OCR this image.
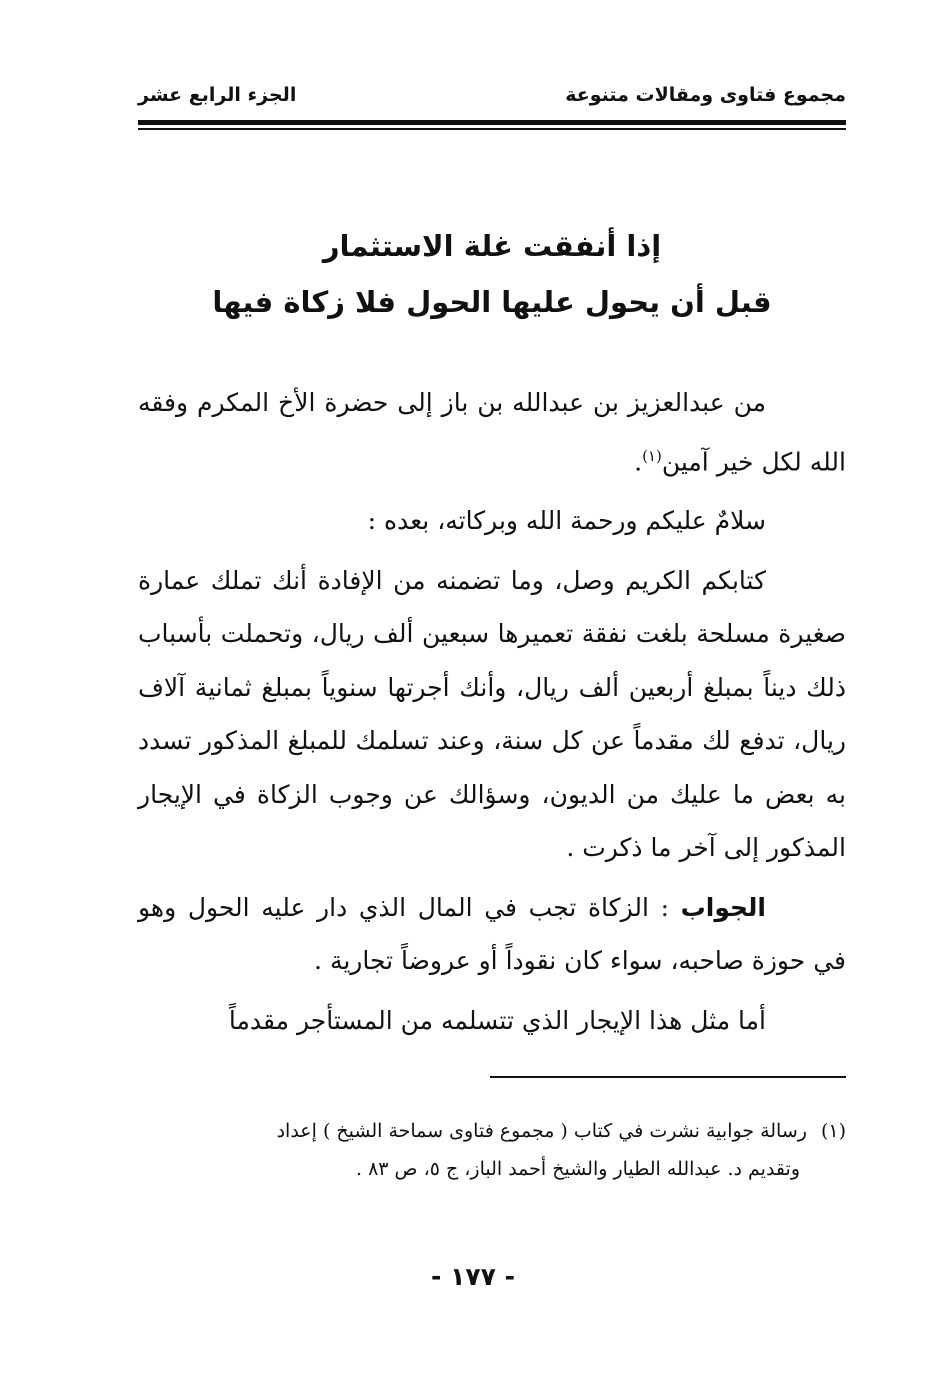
مجموع فتاوى ومقالات متنوعة
الجزء الرابع عشر
إذا أنفقت غلة الاستثمار
قبل أن يحول عليها الحول فلا زكاة فيها

من عبدالعزيز بن عبدالله بن باز إلى حضرة الأخ المكرم وفقه الله لكل خير آمين$^{(١)}$.

سلامٌ عليكم ورحمة الله وبركاته، بعده :

كتابكم الكريم وصل، وما تضمنه من الإفادة أنك تملك عمارة صغيرة مسلحة بلغت نفقة تعميرها سبعين ألف ريال، وتحملت بأسباب ذلك ديناً بمبلغ أربعين ألف ريال، وأنك أجرتها سنوياً بمبلغ ثمانية آلاف ريال، تدفع لك مقدماً عن كل سنة، وعند تسلمك للمبلغ المذكور تسدد به بعض ما عليك من الديون، وسؤالك عن وجوب الزكاة في الإيجار المذكور إلى آخر ما ذكرت .

الجواب : الزكاة تجب في المال الذي دار عليه الحول وهو في حوزة صاحبه، سواء كان نقوداً أو عروضاً تجارية .

أما مثل هذا الإيجار الذي تتسلمه من المستأجر مقدماً

(١)رسالة جوابية نشرت في كتاب ( مجموع فتاوى سماحة الشيخ ) إعداد

وتقديم د. عبدالله الطيار والشيخ أحمد الباز، ج ٥، ص ٨٣ .

- ١٧٧ -
